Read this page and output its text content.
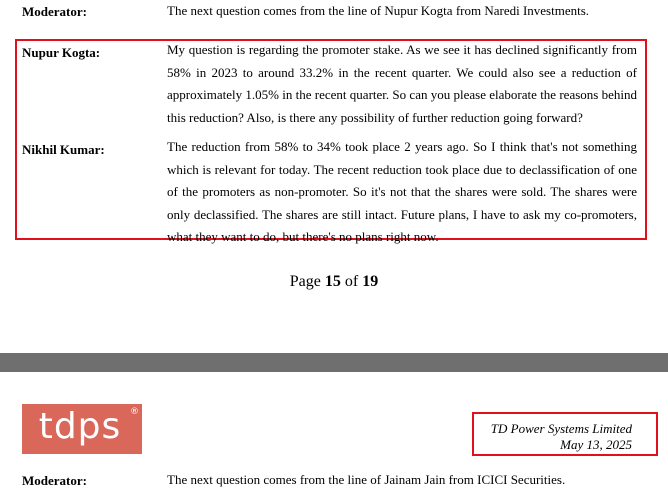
Moderator:	The next question comes from the line of Nupur Kogta from Naredi Investments.
Nupur Kogta:	My question is regarding the promoter stake. As we see it has declined significantly from 58% in 2023 to around 33.2% in the recent quarter. We could also see a reduction of approximately 1.05% in the recent quarter. So can you please elaborate the reasons behind this reduction? Also, is there any possibility of further reduction going forward?
Nikhil Kumar:	The reduction from 58% to 34% took place 2 years ago. So I think that's not something which is relevant for today. The recent reduction took place due to declassification of one of the promoters as non-promoter. So it's not that the shares were sold. The shares were only declassified. The shares are still intact. Future plans, I have to ask my co-promoters, what they want to do, but there's no plans right now.
Page 15 of 19
tdps ®
TD Power Systems Limited
May 13, 2025
Moderator:	The next question comes from the line of Jainam Jain from ICICI Securities.
